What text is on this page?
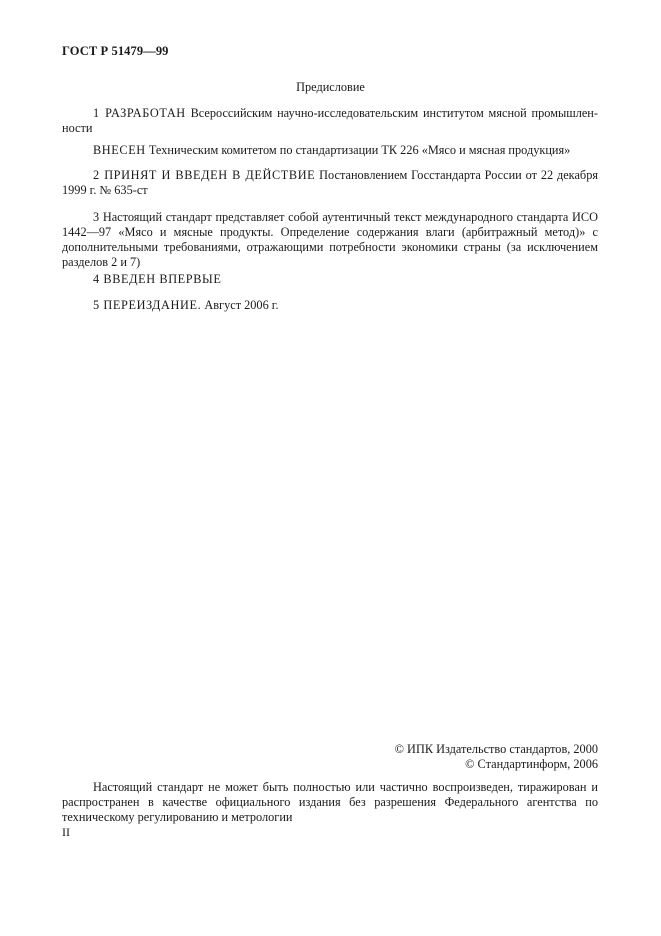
ГОСТ Р 51479—99
Предисловие

1 РАЗРАБОТАН Всероссийским научно-исследовательским институтом мясной промышленности

ВНЕСЕН Техническим комитетом по стандартизации ТК 226 «Мясо и мясная продукция»

2 ПРИНЯТ И ВВЕДЕН В ДЕЙСТВИЕ Постановлением Госстандарта России от 22 декабря 1999 г. № 635-ст

3 Настоящий стандарт представляет собой аутентичный текст международного стандарта ИСО 1442—97 «Мясо и мясные продукты. Определение содержания влаги (арбитражный метод)» с дополнительными требованиями, отражающими потребности экономики страны (за исключением разделов 2 и 7)

4 ВВЕДЕН ВПЕРВЫЕ

5 ПЕРЕИЗДАНИЕ. Август 2006 г.

© ИПК Издательство стандартов, 2000
© Стандартинформ, 2006

Настоящий стандарт не может быть полностью или частично воспроизведен, тиражирован и распространен в качестве официального издания без разрешения Федерального агентства по техническому регулированию и метрологии

II
